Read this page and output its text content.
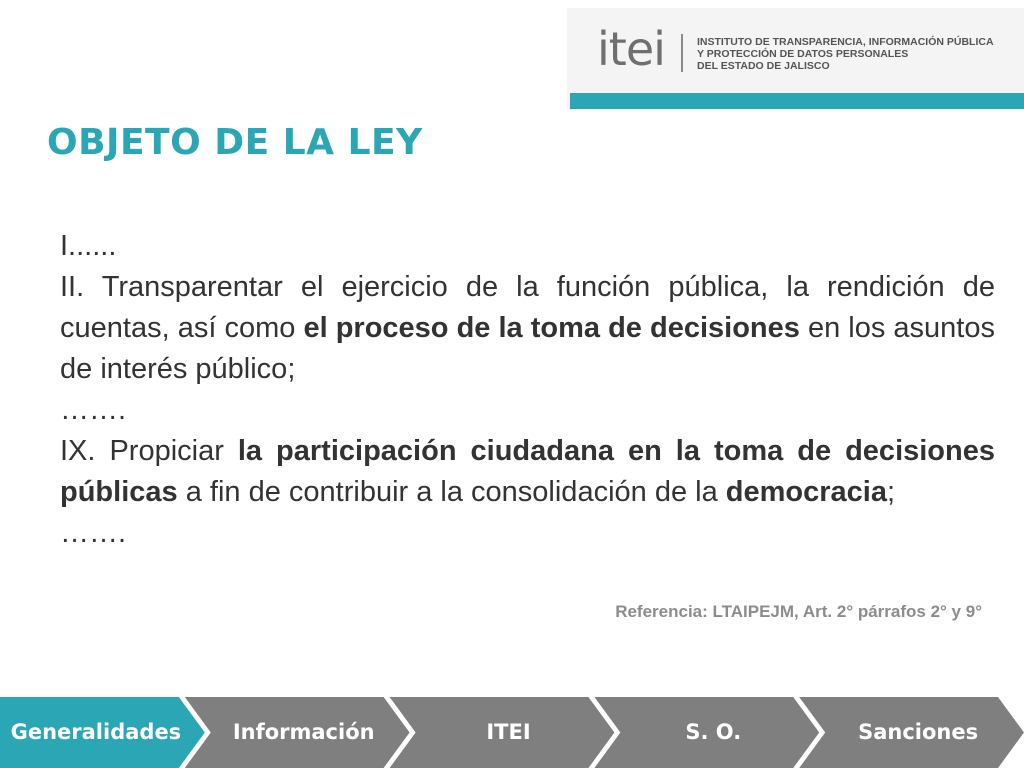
itei	INSTITUTO DE TRANSPARENCIA, INFORMACIÓN PÚBLICA
Y PROTECCIÓN DE DATOS PERSONALES
DEL ESTADO DE JALISCO
OBJETO DE LA LEY

I......

II. Transparentar el ejercicio de la función pública, la rendición de cuentas, así como el proceso de la toma de decisiones en los asuntos de interés público;

…….

IX. Propiciar la participación ciudadana en la toma de decisiones públicas a fin de contribuir a la consolidación de la democracia;

…….

Referencia: LTAIPEJM, Art. 2° párrafos 2° y 9°
Generalidades	Información	ITEI	S. O.	Sanciones
